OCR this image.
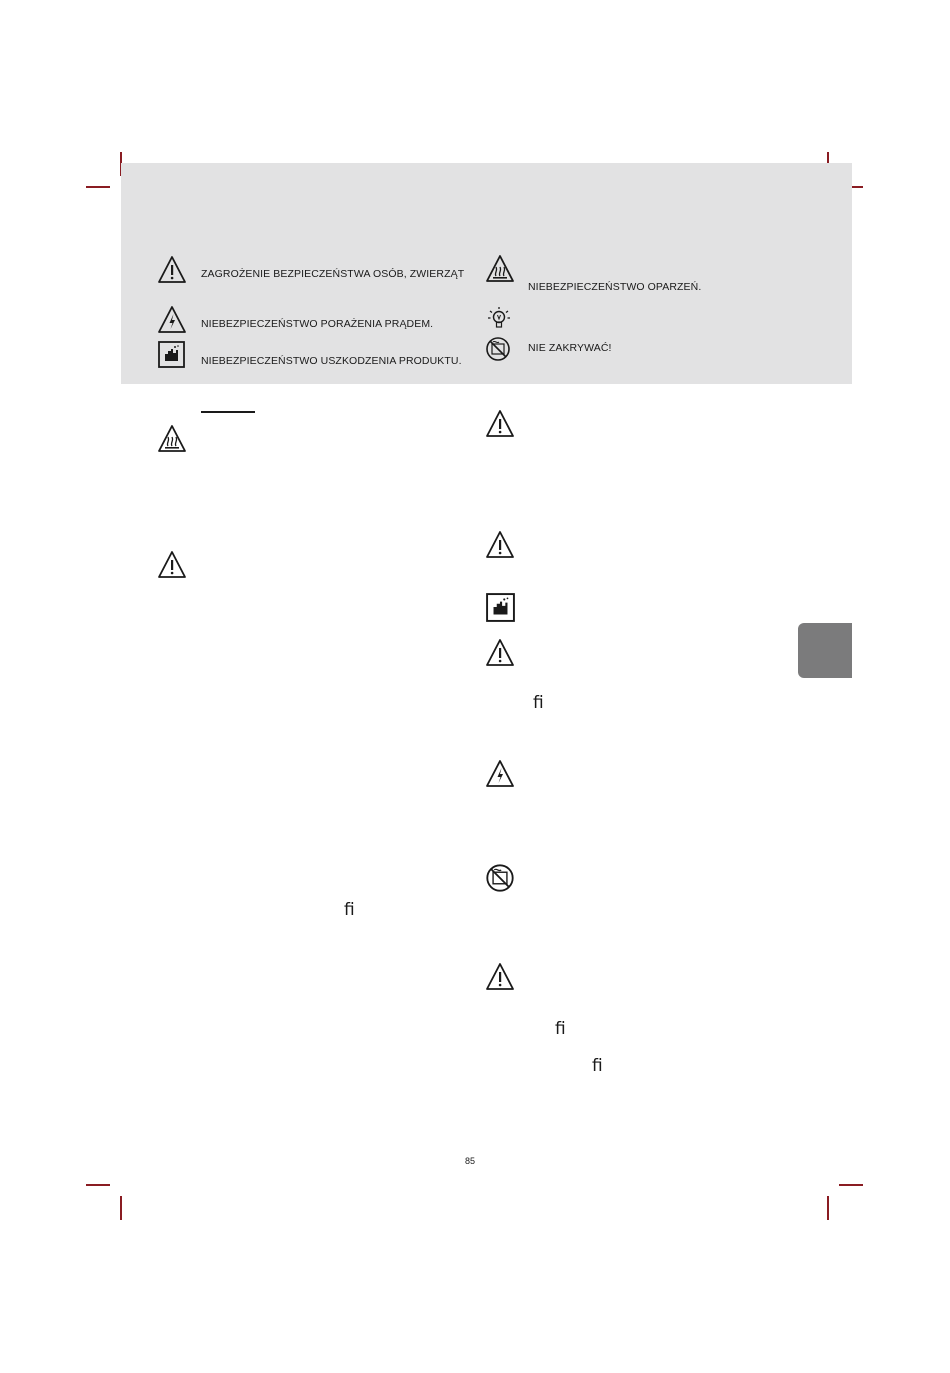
ZAGROŻENIE BEZPIECZEŃSTWA OSÓB, ZWIERZĄT
NIEBEZPIECZEŃSTWO PORAŻENIA PRĄDEM.
NIEBEZPIECZEŃSTWO USZKODZENIA PRODUKTU.
NIEBEZPIECZEŃSTWO OPARZEŃ.
NIE ZAKRYWAĆ!
ﬁ
ﬁ
ﬁ
ﬁ
85
